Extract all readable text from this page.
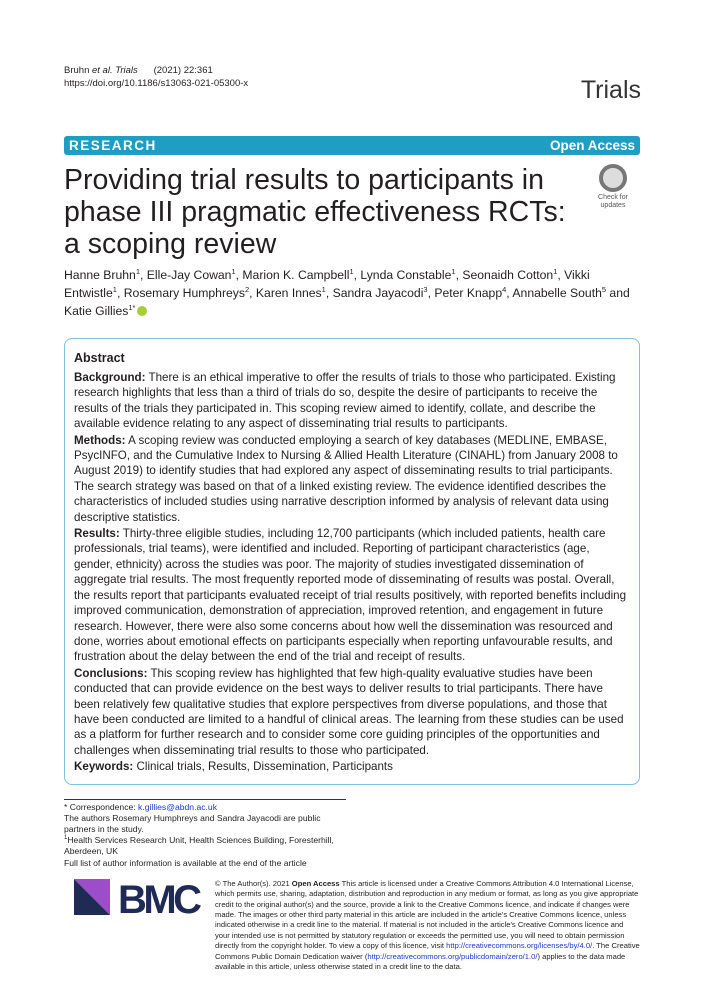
Bruhn et al. Trials (2021) 22:361
https://doi.org/10.1186/s13063-021-05300-x	Trials
RESEARCH	Open Access
Check for
updates
Providing trial results to participants in phase III pragmatic effectiveness RCTs: a scoping review
Hanne Bruhn$^1$, Elle-Jay Cowan$^1$, Marion K. Campbell$^1$, Lynda Constable$^1$, Seonaidh Cotton$^1$, Vikki Entwistle$^1$, Rosemary Humphreys$^2$, Karen Innes$^1$, Sandra Jayacodi$^3$, Peter Knapp$^4$, Annabelle South$^5$ and Katie Gillies$^{1*}$
Abstract

Background: There is an ethical imperative to offer the results of trials to those who participated. Existing research highlights that less than a third of trials do so, despite the desire of participants to receive the results of the trials they participated in. This scoping review aimed to identify, collate, and describe the available evidence relating to any aspect of disseminating trial results to participants.

Methods: A scoping review was conducted employing a search of key databases (MEDLINE, EMBASE, PsycINFO, and the Cumulative Index to Nursing & Allied Health Literature (CINAHL) from January 2008 to August 2019) to identify studies that had explored any aspect of disseminating results to trial participants. The search strategy was based on that of a linked existing review. The evidence identified describes the characteristics of included studies using narrative description informed by analysis of relevant data using descriptive statistics.

Results: Thirty-three eligible studies, including 12,700 participants (which included patients, health care professionals, trial teams), were identified and included. Reporting of participant characteristics (age, gender, ethnicity) across the studies was poor. The majority of studies investigated dissemination of aggregate trial results. The most frequently reported mode of disseminating of results was postal. Overall, the results report that participants evaluated receipt of trial results positively, with reported benefits including improved communication, demonstration of appreciation, improved retention, and engagement in future research. However, there were also some concerns about how well the dissemination was resourced and done, worries about emotional effects on participants especially when reporting unfavourable results, and frustration about the delay between the end of the trial and receipt of results.

Conclusions: This scoping review has highlighted that few high-quality evaluative studies have been conducted that can provide evidence on the best ways to deliver results to trial participants. There have been relatively few qualitative studies that explore perspectives from diverse populations, and those that have been conducted are limited to a handful of clinical areas. The learning from these studies can be used as a platform for further research and to consider some core guiding principles of the opportunities and challenges when disseminating trial results to those who participated.

Keywords: Clinical trials, Results, Dissemination, Participants

* Correspondence: k.gillies@abdn.ac.uk
The authors Rosemary Humphreys and Sandra Jayacodi are public partners in the study.
$^1$Health Services Research Unit, Health Sciences Building, Foresterhill, Aberdeen, UK
Full list of author information is available at the end of the article
BMC © The Author(s). 2021 Open Access This article is licensed under a Creative Commons Attribution 4.0 International License, which permits use, sharing, adaptation, distribution and reproduction in any medium or format, as long as you give appropriate credit to the original author(s) and the source, provide a link to the Creative Commons licence, and indicate if changes were made. The images or other third party material in this article are included in the article's Creative Commons licence, unless indicated otherwise in a credit line to the material. If material is not included in the article's Creative Commons licence and your intended use is not permitted by statutory regulation or exceeds the permitted use, you will need to obtain permission directly from the copyright holder. To view a copy of this licence, visit http://creativecommons.org/licenses/by/4.0/. The Creative Commons Public Domain Dedication waiver (http://creativecommons.org/publicdomain/zero/1.0/) applies to the data made available in this article, unless otherwise stated in a credit line to the data.
